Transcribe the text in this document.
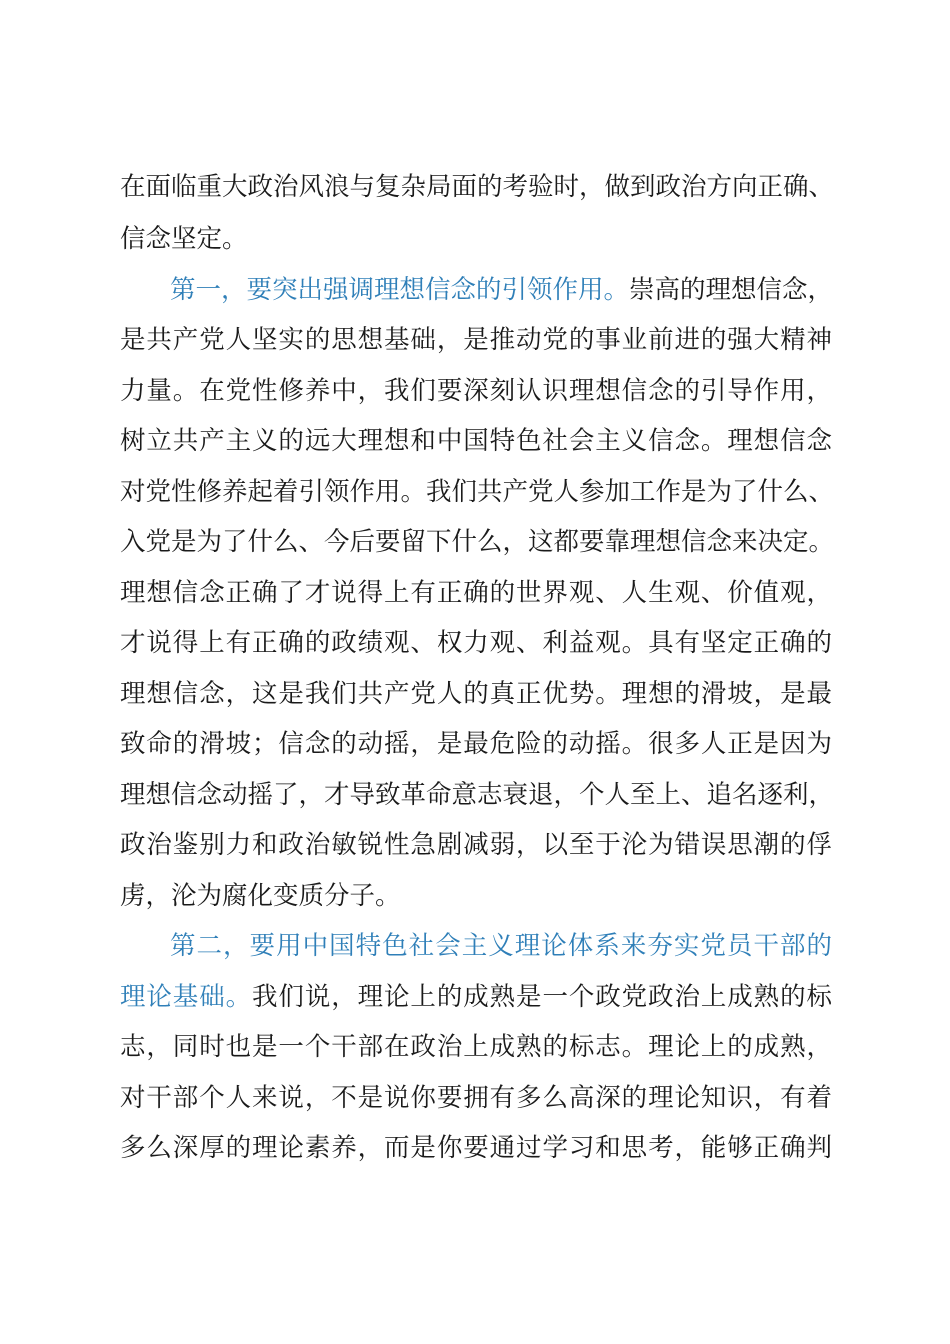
在面临重大政治风浪与复杂局面的考验时，做到政治方向正确、
信念坚定。
第一，要突出强调理想信念的引领作用。崇高的理想信念，
是共产党人坚实的思想基础，是推动党的事业前进的强大精神
力量。在党性修养中，我们要深刻认识理想信念的引导作用，
树立共产主义的远大理想和中国特色社会主义信念。理想信念
对党性修养起着引领作用。我们共产党人参加工作是为了什么、
入党是为了什么、今后要留下什么，这都要靠理想信念来决定。
理想信念正确了才说得上有正确的世界观、人生观、价值观，
才说得上有正确的政绩观、权力观、利益观。具有坚定正确的
理想信念，这是我们共产党人的真正优势。理想的滑坡，是最
致命的滑坡；信念的动摇，是最危险的动摇。很多人正是因为
理想信念动摇了，才导致革命意志衰退，个人至上、追名逐利，
政治鉴别力和政治敏锐性急剧减弱，以至于沦为错误思潮的俘
虏，沦为腐化变质分子。
第二，要用中国特色社会主义理论体系来夯实党员干部的
理论基础。我们说，理论上的成熟是一个政党政治上成熟的标
志，同时也是一个干部在政治上成熟的标志。理论上的成熟，
对干部个人来说，不是说你要拥有多么高深的理论知识，有着
多么深厚的理论素养，而是你要通过学习和思考，能够正确判
